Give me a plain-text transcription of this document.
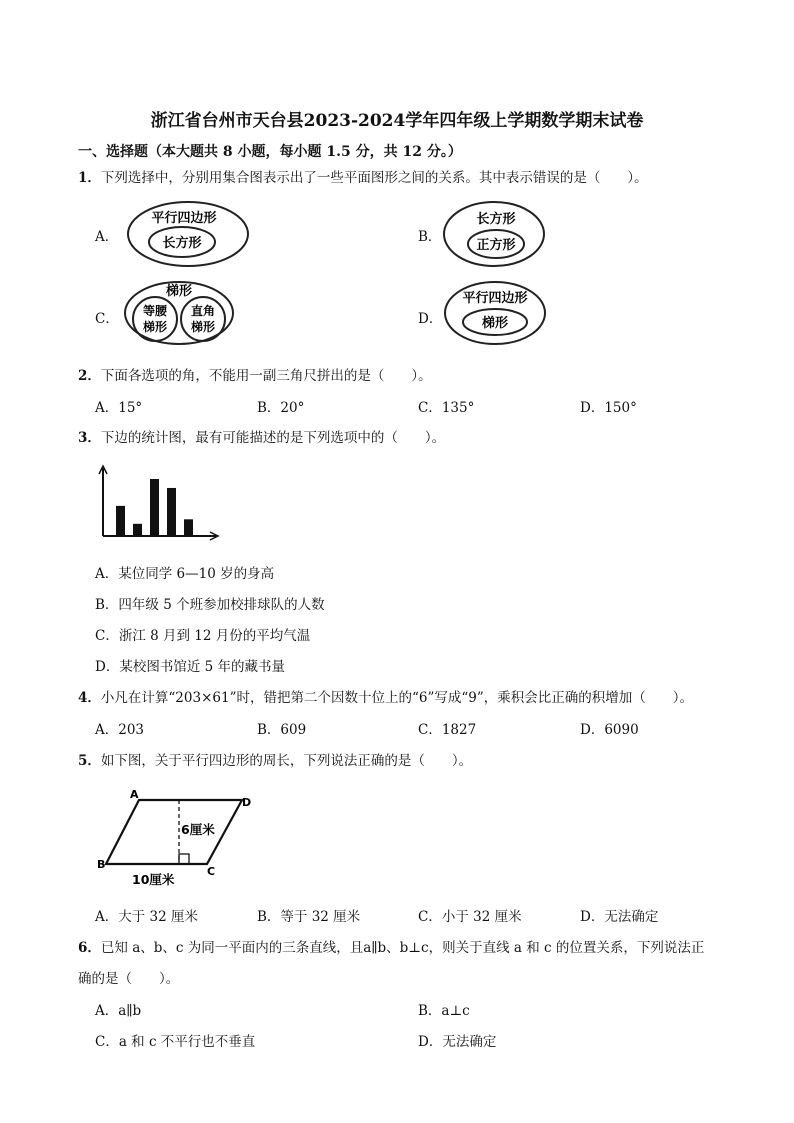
浙江省台州市天台县2023-2024学年四年级上学期数学期末试卷
一、选择题（本大题共 8 小题，每小题 1.5 分，共 12 分。）
1．下列选择中，分别用集合图表示出了一些平面图形之间的关系。其中表示错误的是（　　）。
A．
平行四边形
长方形	B．
长方形
正方形
C．
梯形
等腰
梯形
直角
梯形	D．
平行四边形
梯形
2．下面各选项的角，不能用一副三角尺拼出的是（　　）。
A．15°	B．20°	C．135°	D．150°
3．下边的统计图，最有可能描述的是下列选项中的（　　）。
A．某位同学 6—10 岁的身高
B．四年级 5 个班参加校排球队的人数
C．浙江 8 月到 12 月份的平均气温
D．某校图书馆近 5 年的藏书量
4．小凡在计算“203×61”时，错把第二个因数十位上的“6”写成“9”，乘积会比正确的积增加（　　）。
A．203	B．609	C．1827	D．6090
5．如下图，关于平行四边形的周长，下列说法正确的是（　　）。
A
D
B
C
6厘米
10厘米
A．大于 32 厘米	B．等于 32 厘米	C．小于 32 厘米	D．无法确定
6．已知 a、b、c 为同一平面内的三条直线，且a∥b、b⊥c，则关于直线 a 和 c 的位置关系，下列说法正
确的是（　　）。
A．a∥b	B．a⊥c
C．a 和 c 不平行也不垂直	D．无法确定
